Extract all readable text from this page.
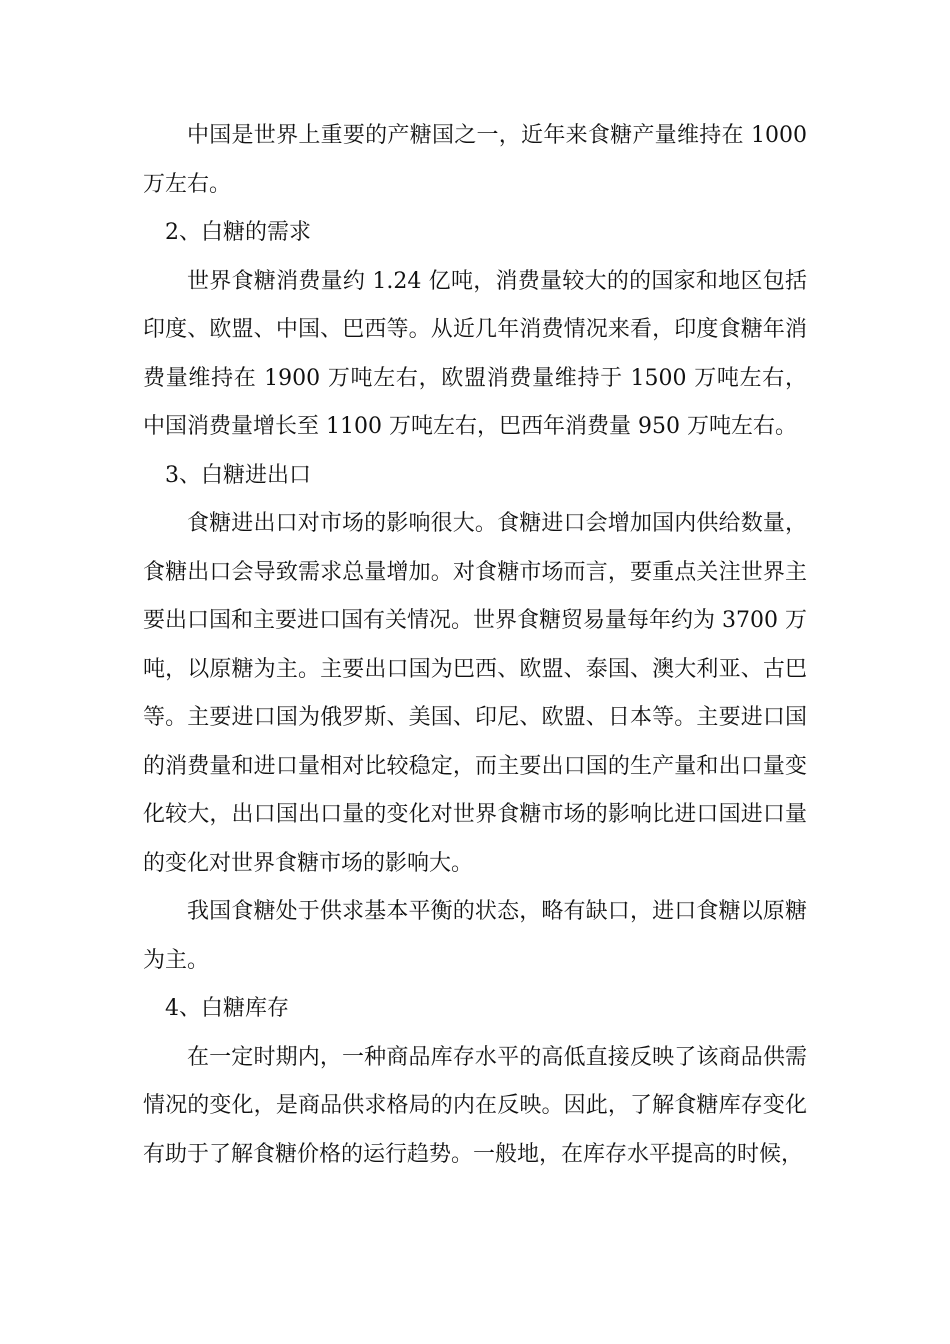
中国是世界上重要的产糖国之一，近年来食糖产量维持在 1000 万左右。

2、白糖的需求

世界食糖消费量约 1.24 亿吨，消费量较大的的国家和地区包括印度、欧盟、中国、巴西等。从近几年消费情况来看，印度食糖年消费量维持在 1900 万吨左右，欧盟消费量维持于 1500 万吨左右，中国消费量增长至 1100 万吨左右，巴西年消费量 950 万吨左右。

3、白糖进出口

食糖进出口对市场的影响很大。食糖进口会增加国内供给数量，食糖出口会导致需求总量增加。对食糖市场而言，要重点关注世界主要出口国和主要进口国有关情况。世界食糖贸易量每年约为 3700 万吨，以原糖为主。主要出口国为巴西、欧盟、泰国、澳大利亚、古巴等。主要进口国为俄罗斯、美国、印尼、欧盟、日本等。主要进口国的消费量和进口量相对比较稳定，而主要出口国的生产量和出口量变化较大，出口国出口量的变化对世界食糖市场的影响比进口国进口量的变化对世界食糖市场的影响大。

我国食糖处于供求基本平衡的状态，略有缺口，进口食糖以原糖为主。

4、白糖库存

在一定时期内，一种商品库存水平的高低直接反映了该商品供需情况的变化，是商品供求格局的内在反映。因此，了解食糖库存变化有助于了解食糖价格的运行趋势。一般地，在库存水平提高的时候，
